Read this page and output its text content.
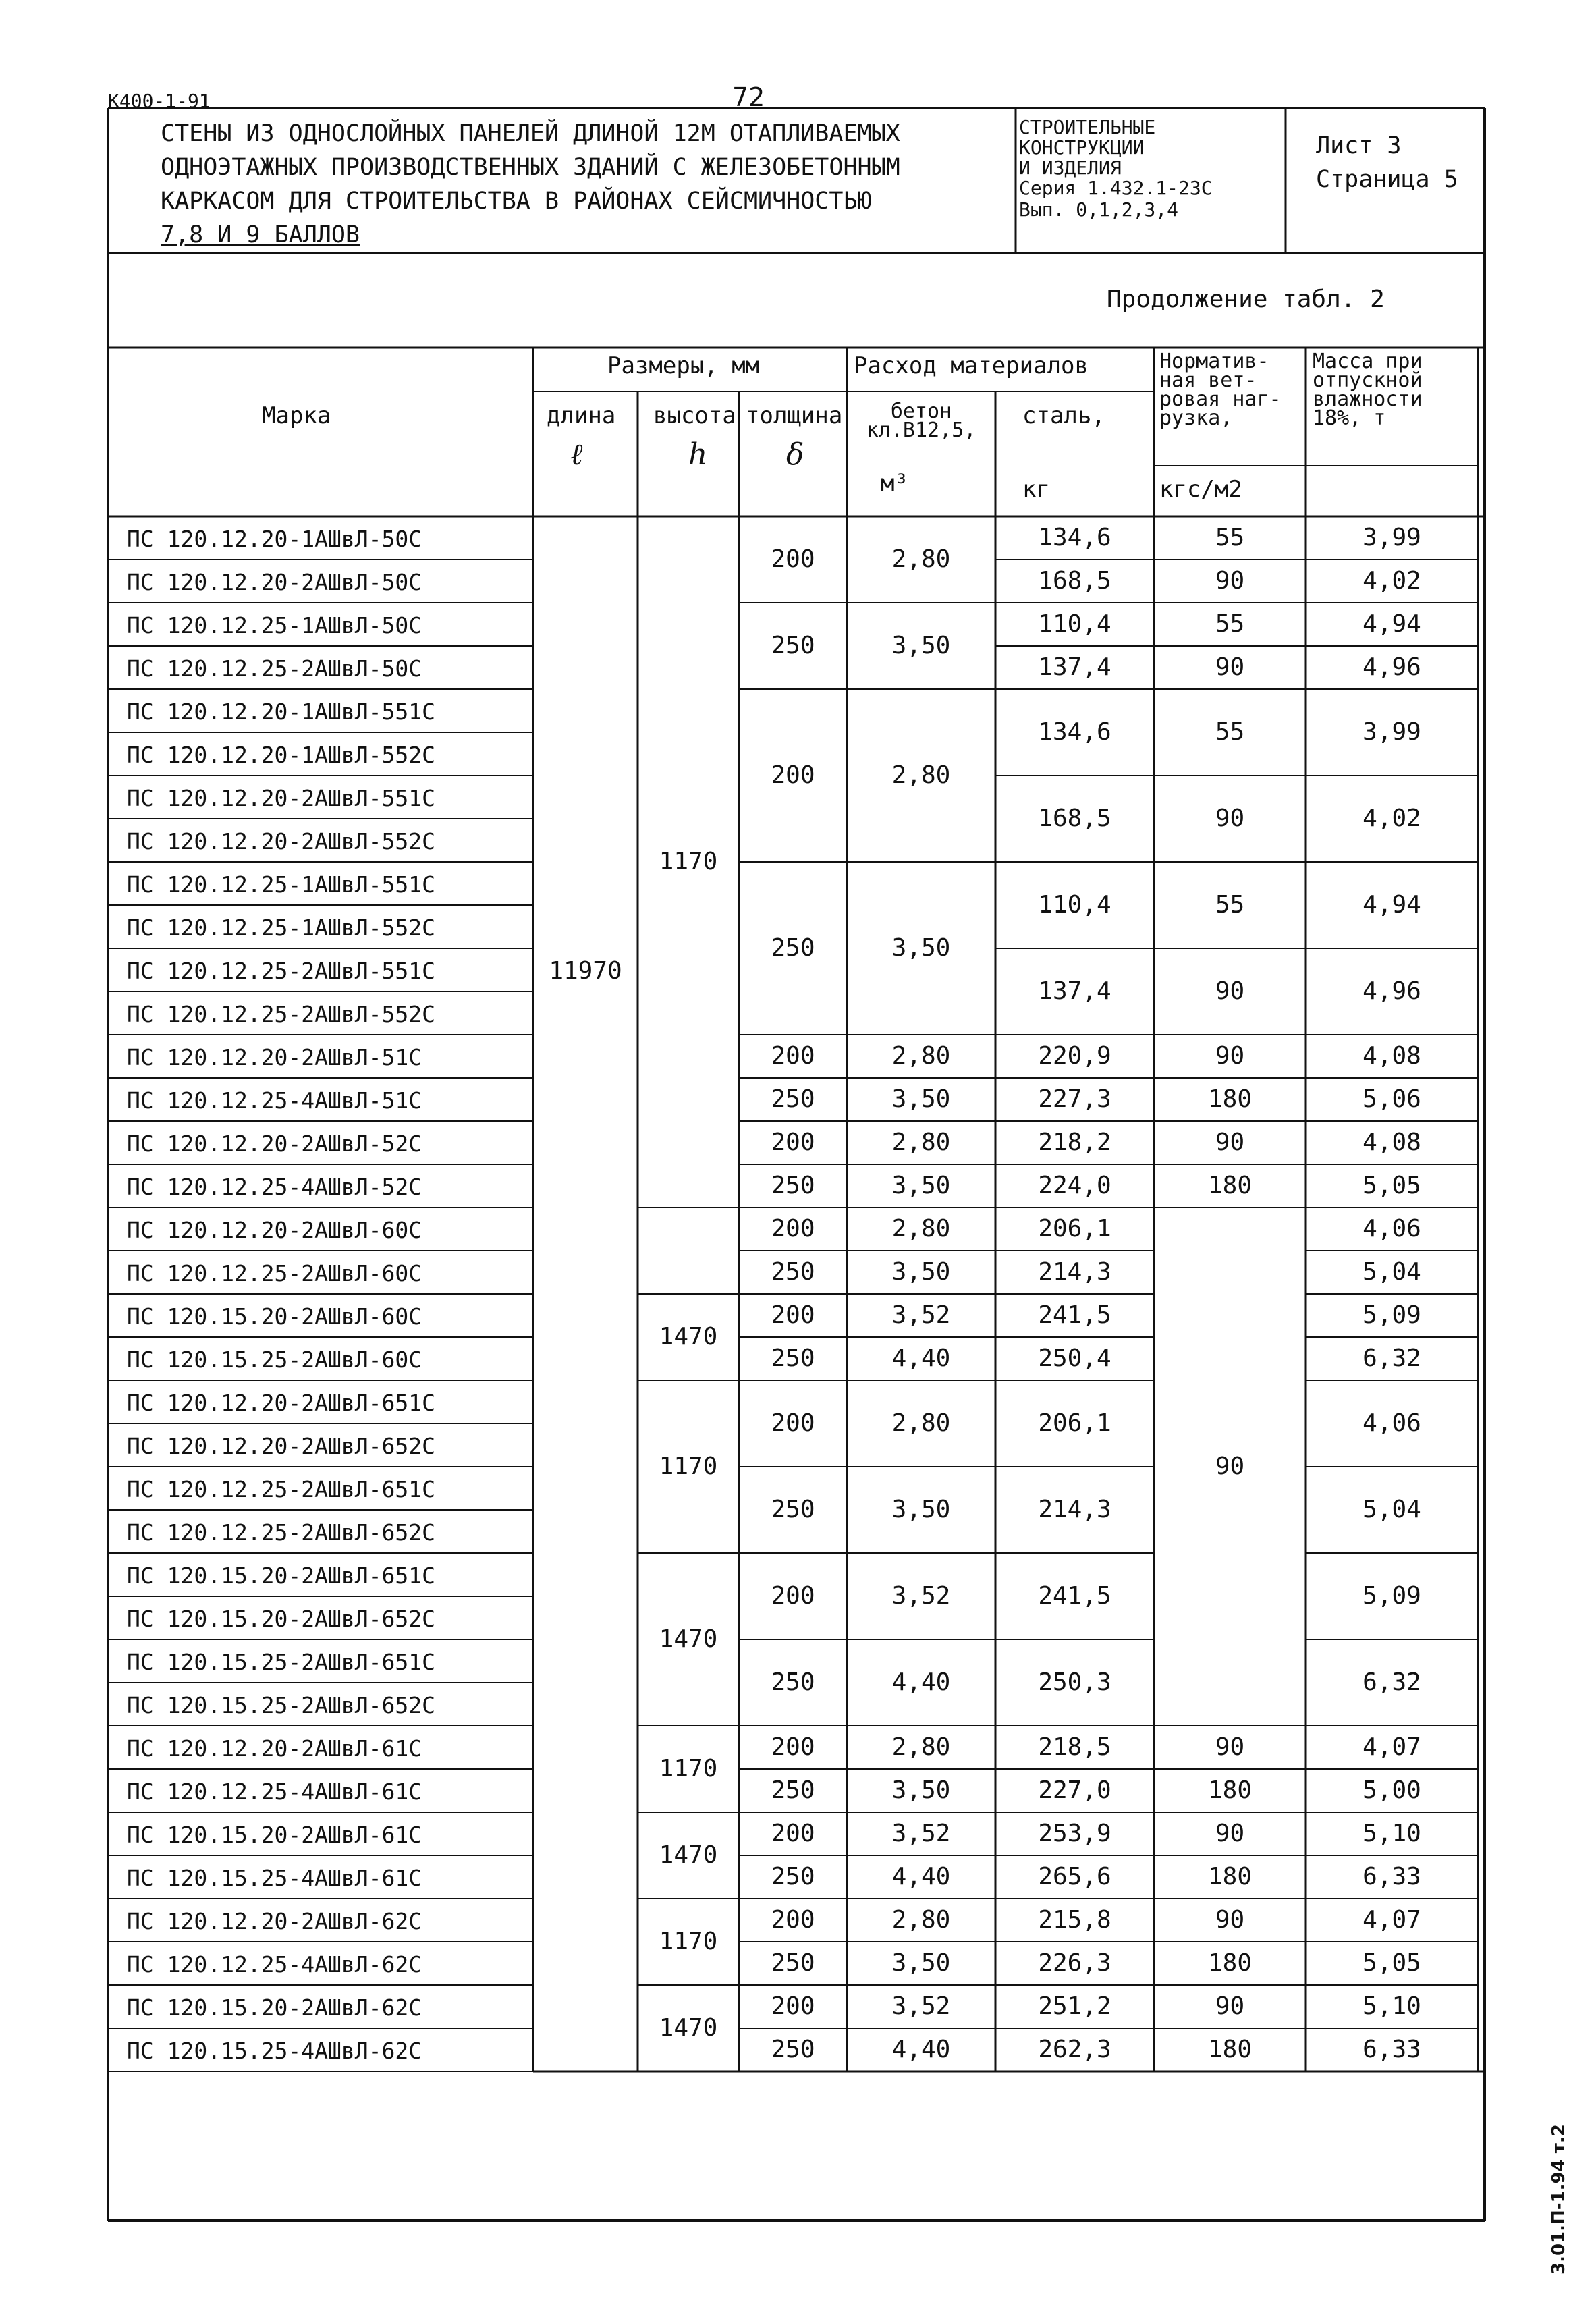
К400-1-91	72
СТЕНЫ ИЗ ОДНОСЛОЙНЫХ ПАНЕЛЕЙ ДЛИНОЙ 12М ОТАПЛИВАЕМЫХ
ОДНОЭТАЖНЫХ ПРОИЗВОДСТВЕННЫХ ЗДАНИЙ С ЖЕЛЕЗОБЕТОННЫМ
КАРКАСОМ ДЛЯ СТРОИТЕЛЬСТВА В РАЙОНАХ СЕЙСМИЧНОСТЬЮ
7,8 И 9 БАЛЛОВ
СТРОИТЕЛЬНЫЕ
КОНСТРУКЦИИ
И ИЗДЕЛИЯ
Серия 1.432.1-23С
Вып. 0,1,2,3,4
Лист 3
Страница 5
Продолжение табл. 2
Марка
Размеры, мм
длина
ℓ
высота
h
толщина
δ
Расход материалов
бетон кл.В12,5,
м³
сталь,
кг
Норматив-ная вет-ровая наг-рузка,
кгс/м2
Масса при отпускной влажности 18%, т
ПС 120.12.20-1АШвЛ-50С
ПС 120.12.20-2АШвЛ-50С
ПС 120.12.25-1АШвЛ-50С
ПС 120.12.25-2АШвЛ-50С
ПС 120.12.20-1АШвЛ-551С
ПС 120.12.20-1АШвЛ-552С
ПС 120.12.20-2АШвЛ-551С
ПС 120.12.20-2АШвЛ-552С
ПС 120.12.25-1АШвЛ-551С
ПС 120.12.25-1АШвЛ-552С
ПС 120.12.25-2АШвЛ-551С
ПС 120.12.25-2АШвЛ-552С
ПС 120.12.20-2АШвЛ-51С
ПС 120.12.25-4АШвЛ-51С
ПС 120.12.20-2АШвЛ-52С
ПС 120.12.25-4АШвЛ-52С
ПС 120.12.20-2АШвЛ-60С
ПС 120.12.25-2АШвЛ-60С
ПС 120.15.20-2АШвЛ-60С
ПС 120.15.25-2АШвЛ-60С
ПС 120.12.20-2АШвЛ-651С
ПС 120.12.20-2АШвЛ-652С
ПС 120.12.25-2АШвЛ-651С
ПС 120.12.25-2АШвЛ-652С
ПС 120.15.20-2АШвЛ-651С
ПС 120.15.20-2АШвЛ-652С
ПС 120.15.25-2АШвЛ-651С
ПС 120.15.25-2АШвЛ-652С
ПС 120.12.20-2АШвЛ-61С
ПС 120.12.25-4АШвЛ-61С
ПС 120.15.20-2АШвЛ-61С
ПС 120.15.25-4АШвЛ-61С
ПС 120.12.20-2АШвЛ-62С
ПС 120.12.25-4АШвЛ-62С
ПС 120.15.20-2АШвЛ-62С
ПС 120.15.25-4АШвЛ-62С
11970
1170
1470
1170
1470
1170
1470
1170
1470
200
250
200
250
200
250
200
250
200
250
200
250
200
250
200
250
200
250
200
250
200
250
200
250
2,80
3,50
2,80
3,50
2,80
3,50
2,80
3,50
2,80
3,50
3,52
4,40
2,80
3,50
3,52
4,40
2,80
3,50
3,52
4,40
2,80
3,50
3,52
4,40
134,6
168,5
110,4
137,4
134,6
168,5
110,4
137,4
220,9
227,3
218,2
224,0
206,1
214,3
241,5
250,4
206,1
214,3
241,5
250,3
218,5
227,0
253,9
265,6
215,8
226,3
251,2
262,3
55
90
55
90
55
90
55
90
90
180
90
180
90
90
180
90
180
90
180
90
180
3,99
4,02
4,94
4,96
3,99
4,02
4,94
4,96
4,08
5,06
4,08
5,05
4,06
5,04
5,09
6,32
4,06
5,04
5,09
6,32
4,07
5,00
5,10
6,33
4,07
5,05
5,10
6,33
3.01.П-1.94 т.2
